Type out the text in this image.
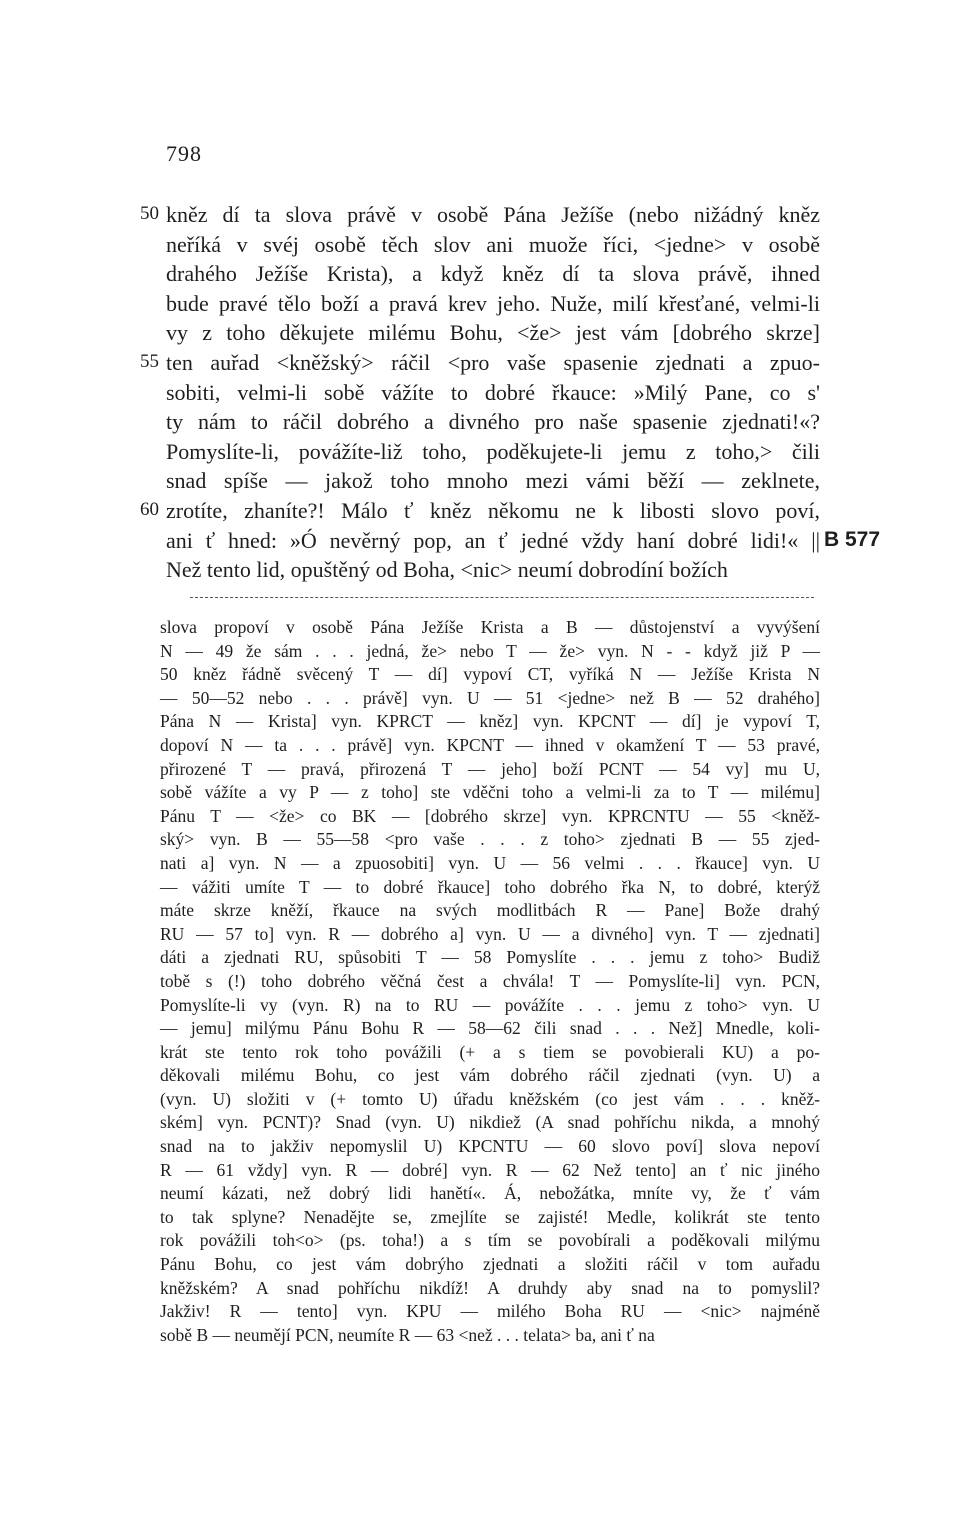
798
50 kněz dí ta slova právě v osobě Pána Ježíše (nebo nižádný kněz
neříká v svéj osobě těch slov ani muože říci, <jedne> v osobě
drahého Ježíše Krista), a když kněz dí ta slova právě, ihned
bude pravé tělo boží a pravá krev jeho. Nuže, milí křesťané, velmi-li
vy z toho děkujete milému Bohu, <že> jest vám [dobrého skrze]
55 ten auřad <kněžský> ráčil <pro vaše spasenie zjednati a zpuo-
sobiti, velmi-li sobě vážíte to dobré řkauce: »Milý Pane, co s'
ty nám to ráčil dobrého a divného pro naše spasenie zjednati!«?
Pomyslíte-li, povážíte-liž toho, poděkujete-li jemu z toho,> čili
snad spíše — jakož toho mnoho mezi vámi běží — zeklnete,
60 zrotíte, zhaníte?! Málo ť kněz někomu ne k libosti slovo poví,
ani ť hned: »Ó nevěrný pop, an ť jedné vždy haní dobré lidi!« || B 577
Než tento lid, opuštěný od Boha, <nic> neumí dobrodíní božích
slova propoví v osobě Pána Ježíše Krista a B — důstojenství a vyvýšení
N — 49 že sám . . . jedná, že> nebo T — že> vyn. N - - když již P —
50 kněz řádně svěcený T — dí] vypoví CT, vyříká N — Ježíše Krista N
— 50—52 nebo . . . právě] vyn. U — 51 <jedne> než B — 52 drahého]
Pána N — Krista] vyn. KPRCT — kněz] vyn. KPCNT — dí] je vypoví T,
dopoví N — ta . . . právě] vyn. KPCNT — ihned v okamžení T — 53 pravé,
přirozené T — pravá, přirozená T — jeho] boží PCNT — 54 vy] mu U,
sobě vážíte a vy P — z toho] ste vděčni toho a velmi-li za to T — milému]
Pánu T — <že> co BK — [dobrého skrze] vyn. KPRCNTU — 55 <kněž-
ský> vyn. B — 55—58 <pro vaše . . . z toho> zjednati B — 55 zjed-
nati a] vyn. N — a zpuosobiti] vyn. U — 56 velmi . . . řkauce] vyn. U
— vážiti umíte T — to dobré řkauce] toho dobrého řka N, to dobré, kterýž
máte skrze kněží, řkauce na svých modlitbách R — Pane] Bože drahý
RU — 57 to] vyn. R — dobrého a] vyn. U — a divného] vyn. T — zjednati]
dáti a zjednati RU, spůsobiti T — 58 Pomyslíte . . . jemu z toho> Budiž
tobě s (!) toho dobrého věčná čest a chvála! T — Pomyslíte-li] vyn. PCN,
Pomyslíte-li vy (vyn. R) na to RU — povážíte . . . jemu z toho> vyn. U
— jemu] milýmu Pánu Bohu R — 58—62 čili snad . . . Než] Mnedle, koli-
krát ste tento rok toho povážili (+ a s tiem se povobierali KU) a po-
děkovali milému Bohu, co jest vám dobrého ráčil zjednati (vyn. U) a
(vyn. U) složiti v (+ tomto U) úřadu kněžském (co jest vám . . . kněž-
ském] vyn. PCNT)? Snad (vyn. U) nikdiež (A snad pohříchu nikda, a mnohý
snad na to jakživ nepomyslil U) KPCNTU — 60 slovo poví] slova nepoví
R — 61 vždy] vyn. R — dobré] vyn. R — 62 Než tento] an ť nic jiného
neumí kázati, než dobrý lidi hanětí«. Á, nebožátka, mníte vy, že ť vám
to tak splyne? Nenadějte se, zmejlíte se zajisté! Medle, kolikrát ste tento
rok povážili toh<o> (ps. toha!) a s tím se povobírali a poděkovali milýmu
Pánu Bohu, co jest vám dobrýho zjednati a složiti ráčil v tom auřadu
kněžském? A snad pohříchu nikdíž! A druhdy aby snad na to pomyslil?
Jakživ! R — tento] vyn. KPU — milého Boha RU — <nic> najméně
sobě B — neumějí PCN, neumíte R — 63 <než . . . telata> ba, ani ť na
